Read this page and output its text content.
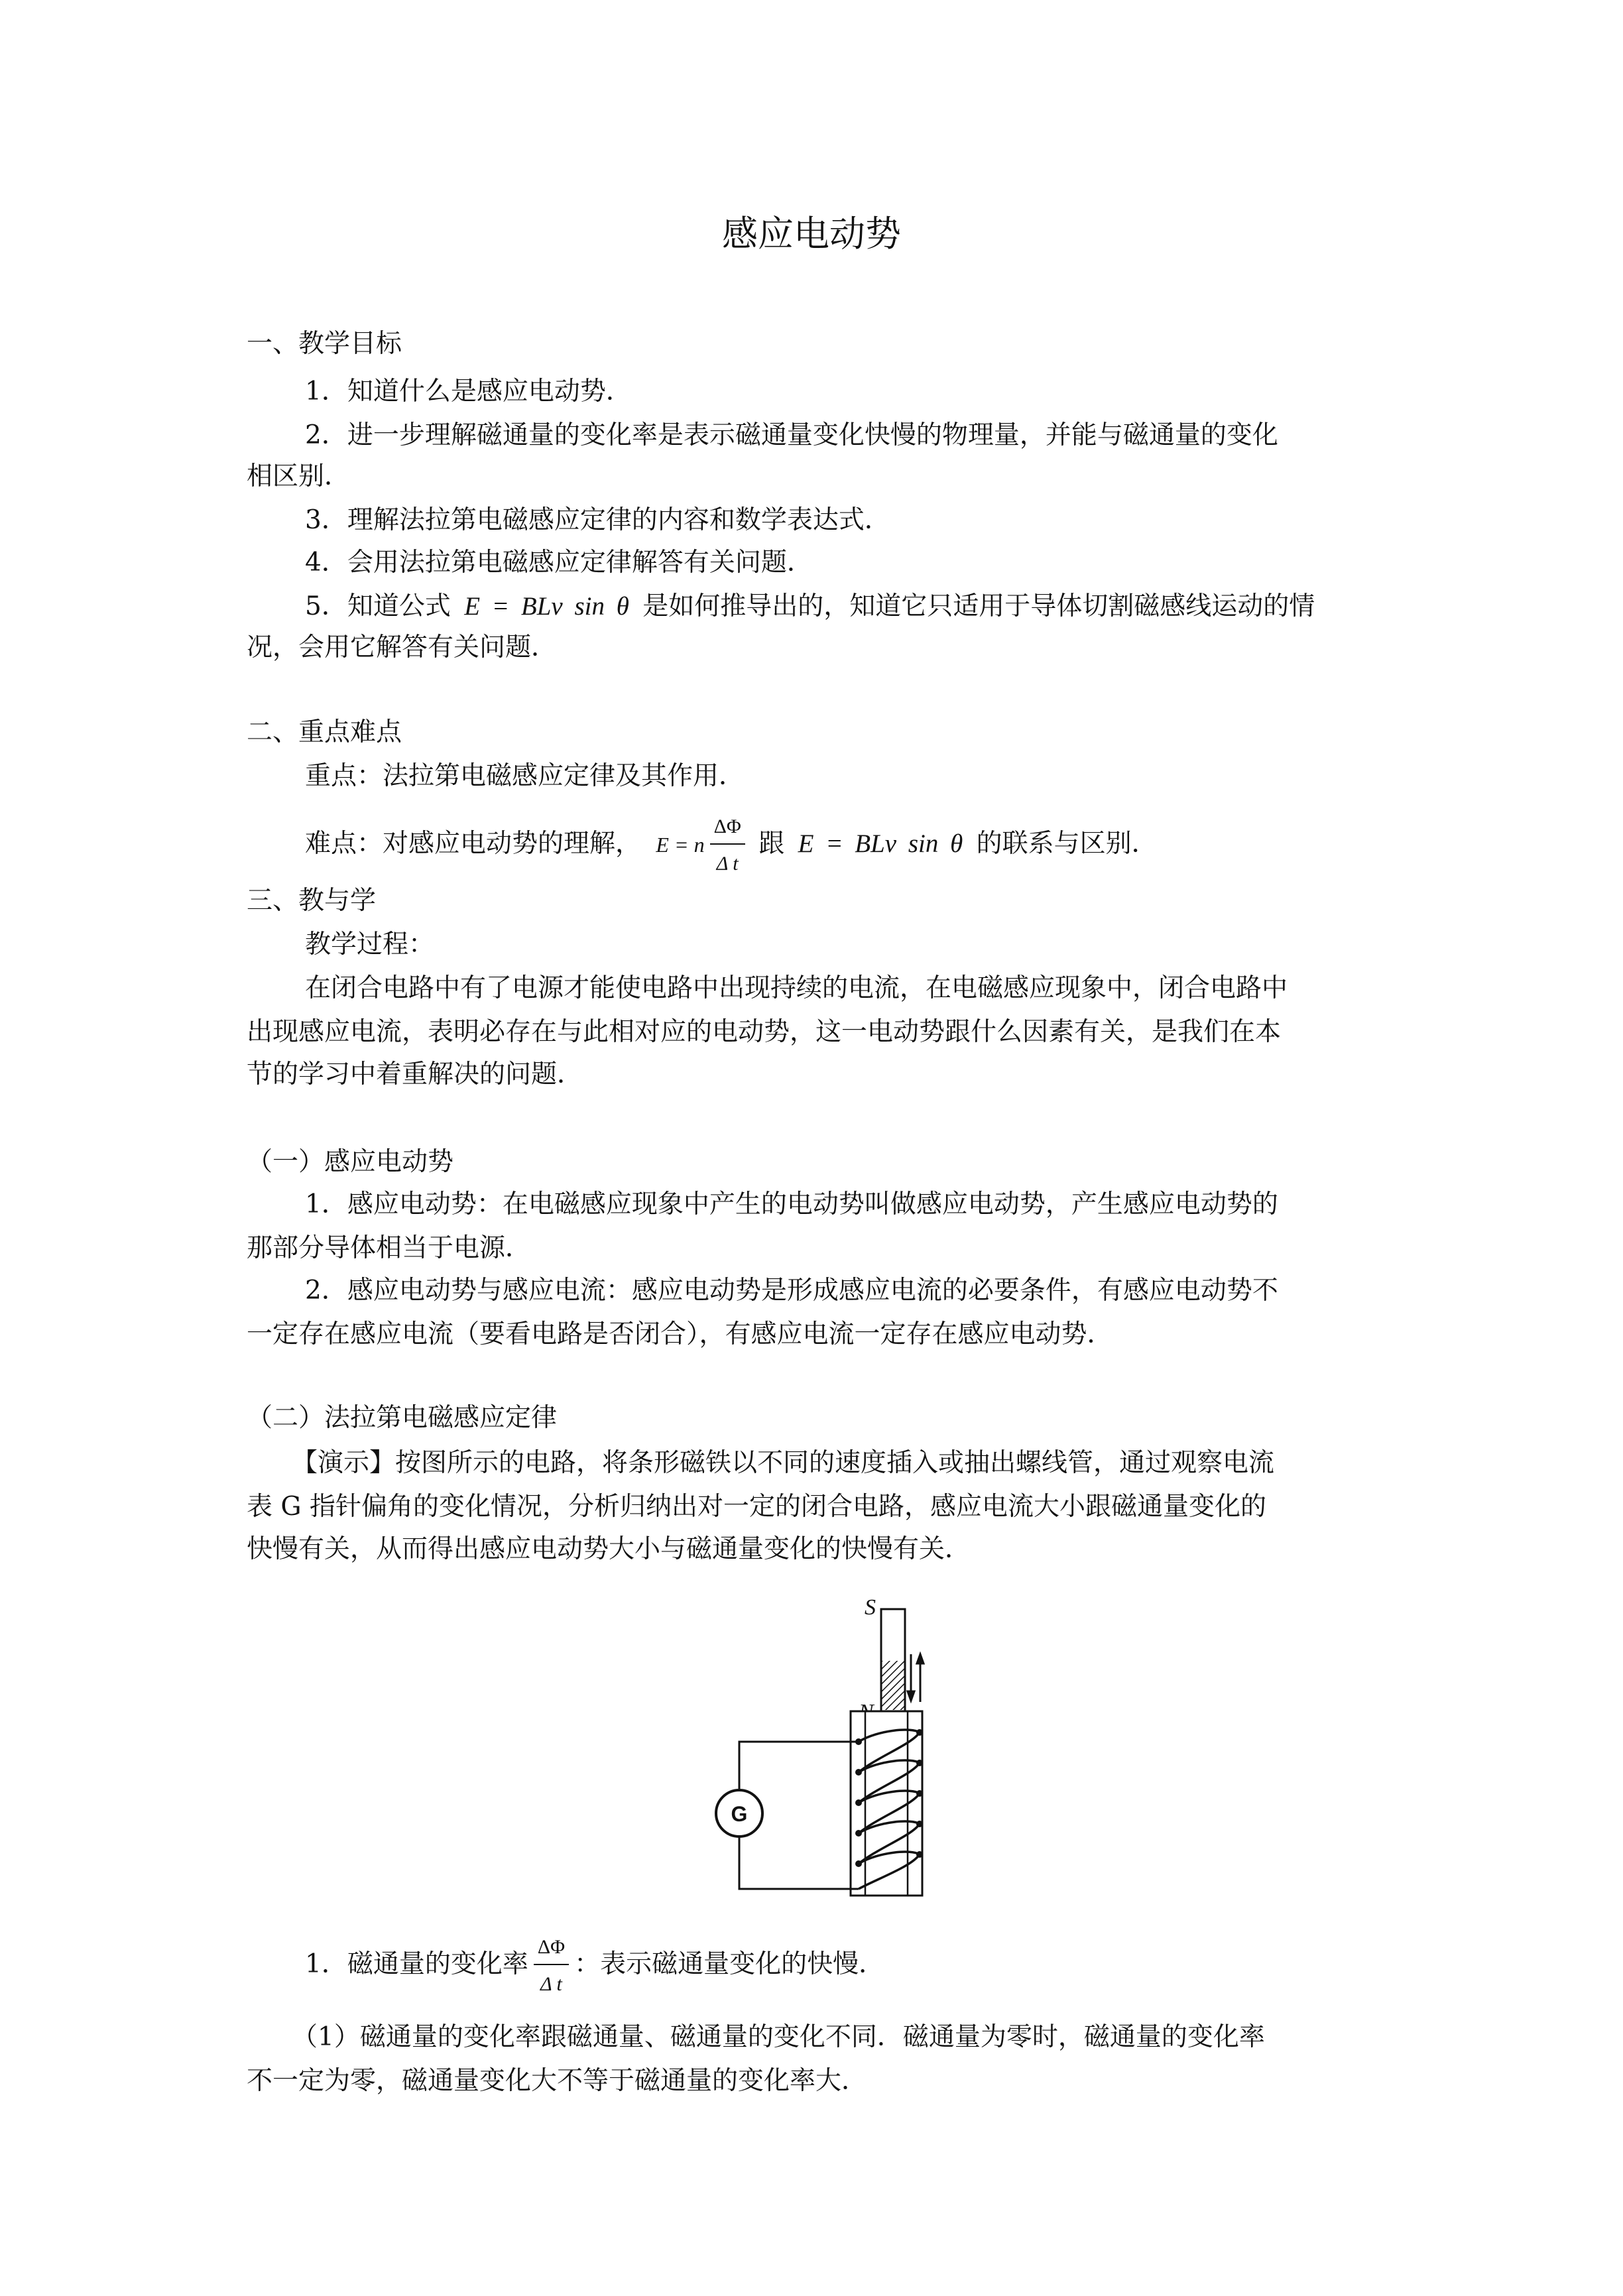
感应电动势
一、教学目标
1．知道什么是感应电动势．
2．进一步理解磁通量的变化率是表示磁通量变化快慢的物理量，并能与磁通量的变化
相区别．
3．理解法拉第电磁感应定律的内容和数学表达式．
4．会用法拉第电磁感应定律解答有关问题．
5．知道公式 E = BLv sin θ 是如何推导出的，知道它只适用于导体切割磁感线运动的情
况，会用它解答有关问题．
二、重点难点
重点：法拉第电磁感应定律及其作用．
难点：对感应电动势的理解， E = n $\frac{\Delta\Phi}{\text{Δ t}}$ 跟 E = BLv sin θ 的联系与区别．
三、教与学
教学过程：
在闭合电路中有了电源才能使电路中出现持续的电流，在电磁感应现象中，闭合电路中
出现感应电流，表明必存在与此相对应的电动势，这一电动势跟什么因素有关，是我们在本
节的学习中着重解决的问题．
（一）感应电动势
1．感应电动势：在电磁感应现象中产生的电动势叫做感应电动势，产生感应电动势的
那部分导体相当于电源．
2．感应电动势与感应电流：感应电动势是形成感应电流的必要条件，有感应电动势不
一定存在感应电流（要看电路是否闭合），有感应电流一定存在感应电动势．
（二）法拉第电磁感应定律
【演示】按图所示的电路，将条形磁铁以不同的速度插入或抽出螺线管，通过观察电流
表 G 指针偏角的变化情况，分析归纳出对一定的闭合电路，感应电流大小跟磁通量变化的
快慢有关，从而得出感应电动势大小与磁通量变化的快慢有关．
S
G
1．磁通量的变化率 $\frac{\Delta\Phi}{\text{Δ t}}$ ：表示磁通量变化的快慢．
（1）磁通量的变化率跟磁通量、磁通量的变化不同．磁通量为零时，磁通量的变化率
不一定为零，磁通量变化大不等于磁通量的变化率大．
